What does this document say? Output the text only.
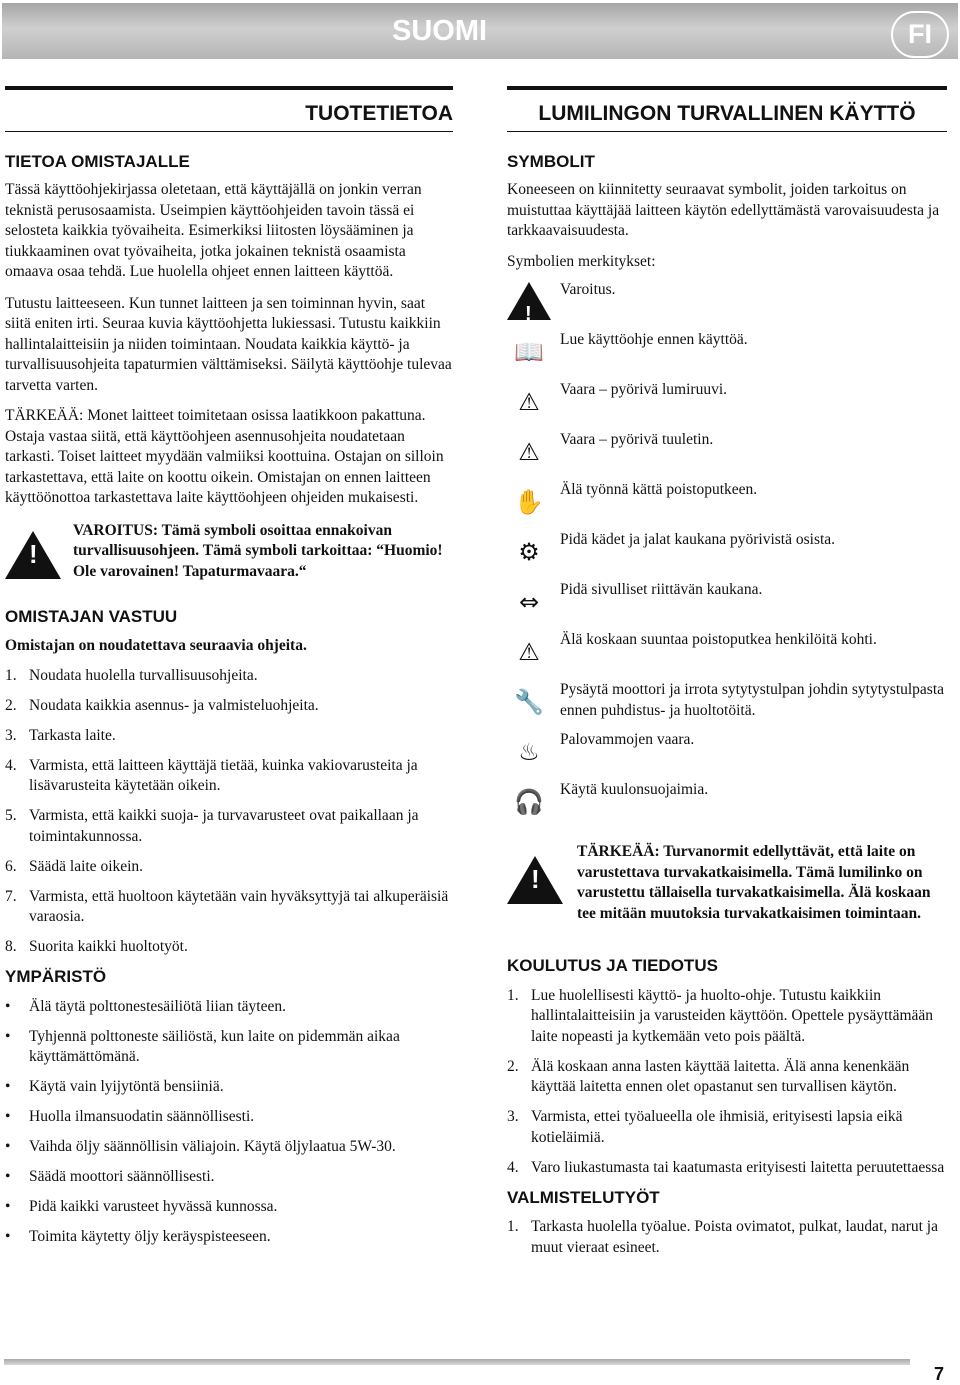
SUOMI	FI
TUOTETIETOA
TIETOA OMISTAJALLE

Tässä käyttöohjekirjassa oletetaan, että käyttäjällä on jonkin verran teknistä perusosaamista. Useimpien käyttöohjeiden tavoin tässä ei selosteta kaikkia työvaiheita. Esimerkiksi liitosten löysääminen ja tiukkaaminen ovat työvaiheita, jotka jokainen teknistä osaamista omaava osaa tehdä. Lue huolella ohjeet ennen laitteen käyttöä.

Tutustu laitteeseen. Kun tunnet laitteen ja sen toiminnan hyvin, saat siitä eniten irti. Seuraa kuvia käyttöohjetta lukiessasi. Tutustu kaikkiin hallintalaitteisiin ja niiden toimintaan. Noudata kaikkia käyttö- ja turvallisuusohjeita tapaturmien välttämiseksi. Säilytä käyttöohje tulevaa tarvetta varten.

TÄRKEÄÄ: Monet laitteet toimitetaan osissa laatikkoon pakattuna. Ostaja vastaa siitä, että käyttöohjeen asennusohjeita noudatetaan tarkasti. Toiset laitteet myydään valmiiksi koottuina. Ostajan on silloin tarkastettava, että laite on koottu oikein. Omistajan on ennen laitteen käyttöönottoa tarkastettava laite käyttöohjeen ohjeiden mukaisesti.

!

VAROITUS: Tämä symboli osoittaa ennakoivan turvallisuusohjeen. Tämä symboli tarkoittaa: “Huomio! Ole varovainen! Tapaturmavaara.“

OMISTAJAN VASTUU

Omistajan on noudatettava seuraavia ohjeita.

1. Noudata huolella turvallisuusohjeita.
2. Noudata kaikkia asennus- ja valmisteluohjeita.
3. Tarkasta laite.
4. Varmista, että laitteen käyttäjä tietää, kuinka vakiovarusteita ja lisävarusteita käytetään oikein.
5. Varmista, että kaikki suoja- ja turvavarusteet ovat paikallaan ja toimintakunnossa.
6. Säädä laite oikein.
7. Varmista, että huoltoon käytetään vain hyväksyttyjä tai alkuperäisiä varaosia.
8. Suorita kaikki huoltotyöt.
YMPÄRISTÖ
• Älä täytä polttonestesäiliötä liian täyteen.
• Tyhjennä polttoneste säiliöstä, kun laite on pidemmän aikaa käyttämättömänä.
• Käytä vain lyijytöntä bensiiniä.
• Huolla ilmansuodatin säännöllisesti.
• Vaihda öljy säännöllisin väliajoin. Käytä öljylaatua 5W-30.
• Säädä moottori säännöllisesti.
• Pidä kaikki varusteet hyvässä kunnossa.
• Toimita käytetty öljy keräyspisteeseen.
LUMILINGON TURVALLINEN KÄYTTÖ
SYMBOLIT

Koneeseen on kiinnitetty seuraavat symbolit, joiden tarkoitus on muistuttaa käyttäjää laitteen käytön edellyttämästä varovaisuudesta ja tarkkaavaisuudesta.

Symbolien merkitykset:

!
Varoitus.
📖	Lue käyttöohje ennen käyttöä.
⚠	Vaara – pyörivä lumiruuvi.
⚠	Vaara – pyörivä tuuletin.
✋	Älä työnnä kättä poistoputkeen.
⚙	Pidä kädet ja jalat kaukana pyörivistä osista.
⇔	Pidä sivulliset riittävän kaukana.
⚠	Älä koskaan suuntaa poistoputkea henkilöitä kohti.
🔧	Pysäytä moottori ja irrota sytytystulpan johdin sytytystulpasta ennen puhdistus- ja huoltotöitä.
♨	Palovammojen vaara.
🎧	Käytä kuulonsuojaimia.
!

TÄRKEÄÄ: Turvanormit edellyttävät, että laite on varustettava turvakatkaisimella. Tämä lumilinko on varustettu tällaisella turvakatkaisimella. Älä koskaan tee mitään muutoksia turvakatkaisimen toimintaan.

KOULUTUS JA TIEDOTUS
1. Lue huolellisesti käyttö- ja huolto-ohje. Tutustu kaikkiin hallintalaitteisiin ja varusteiden käyttöön. Opettele pysäyttämään laite nopeasti ja kytkemään veto pois päältä.
2. Älä koskaan anna lasten käyttää laitetta. Älä anna kenenkään käyttää laitetta ennen olet opastanut sen turvallisen käytön.
3. Varmista, ettei työalueella ole ihmisiä, erityisesti lapsia eikä kotieläimiä.
4. Varo liukastumasta tai kaatumasta erityisesti laitetta peruutettaessa
VALMISTELUTYÖT
1. Tarkasta huolella työalue. Poista ovimatot, pulkat, laudat, narut ja muut vieraat esineet.
7
